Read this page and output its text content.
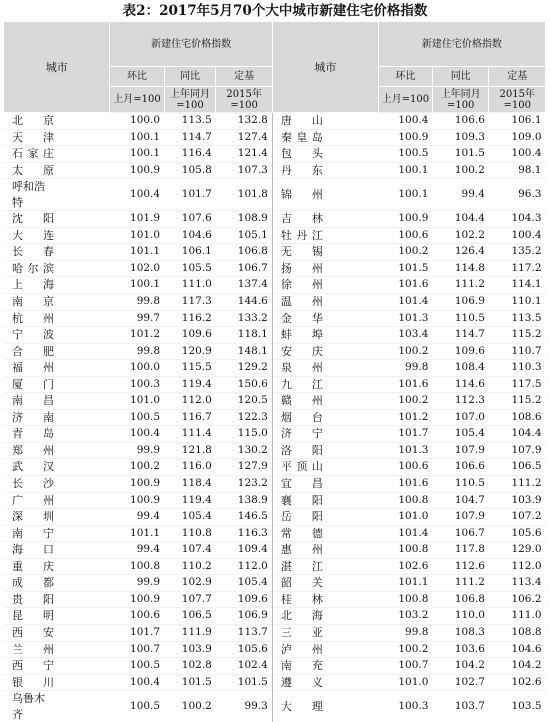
表2：2017年5月70个大中城市新建住宅价格指数
城市	新建住宅价格指数			城市	新建住宅价格指数		
	环比	同比	定基		环比	同比	定基
	上月=100	上年同月=100	2015年=100		上月=100	上年同月=100	2015年=100
北京	100.0	113.5	132.8	唐山	100.4	106.6	106.1
天津	100.1	114.7	127.4	秦皇岛	100.9	109.3	109.0
石家庄	100.1	116.4	121.4	包头	100.5	101.5	100.4
太原	100.9	105.8	107.3	丹东	100.1	100.2	98.1
呼和浩特	100.4	101.7	101.8	锦州	100.1	99.4	96.3
沈阳	101.9	107.6	108.9	吉林	100.9	104.4	104.3
大连	101.0	104.6	105.1	牡丹江	100.6	102.2	100.4
长春	101.1	106.1	106.8	无锡	100.2	126.4	135.2
哈尔滨	102.0	105.5	106.7	扬州	101.5	114.8	117.2
上海	100.1	111.0	137.4	徐州	101.6	111.2	114.1
南京	99.8	117.3	144.6	温州	101.4	106.9	110.1
杭州	99.7	116.2	133.2	金华	101.3	110.5	113.5
宁波	101.2	109.6	118.1	蚌埠	103.4	114.7	115.2
合肥	99.8	120.9	148.1	安庆	100.2	109.6	110.7
福州	100.0	115.5	129.2	泉州	99.8	108.4	110.3
厦门	100.3	119.4	150.6	九江	101.6	114.6	117.5
南昌	101.0	112.0	120.5	赣州	100.2	112.3	115.2
济南	100.5	116.7	122.3	烟台	101.2	107.0	108.6
青岛	100.4	111.4	115.0	济宁	101.7	105.4	104.4
郑州	99.9	121.8	130.2	洛阳	101.3	107.9	107.9
武汉	100.2	116.0	127.9	平顶山	100.6	106.6	106.5
长沙	100.9	118.4	123.2	宜昌	101.6	110.5	111.2
广州	100.9	119.4	138.9	襄阳	100.8	104.7	103.9
深圳	99.4	105.4	146.5	岳阳	101.0	107.9	107.2
南宁	101.1	110.8	116.3	常德	101.4	106.7	105.6
海口	99.4	107.4	109.4	惠州	100.8	117.8	129.0
重庆	100.8	110.2	112.0	湛江	102.6	112.6	112.0
成都	99.9	102.9	105.4	韶关	101.1	111.2	113.4
贵阳	100.9	107.7	109.6	桂林	100.8	106.8	106.2
昆明	100.6	106.5	106.9	北海	103.2	110.0	111.0
西安	101.7	111.9	113.7	三亚	99.8	108.3	108.8
兰州	100.7	103.9	105.6	泸州	100.2	103.6	104.6
西宁	100.5	102.8	102.4	南充	100.7	104.2	104.2
银川	100.4	101.5	101.5	遵义	101.0	102.7	102.6
乌鲁木齐	100.5	100.2	99.3	大理	100.3	103.7	103.5
